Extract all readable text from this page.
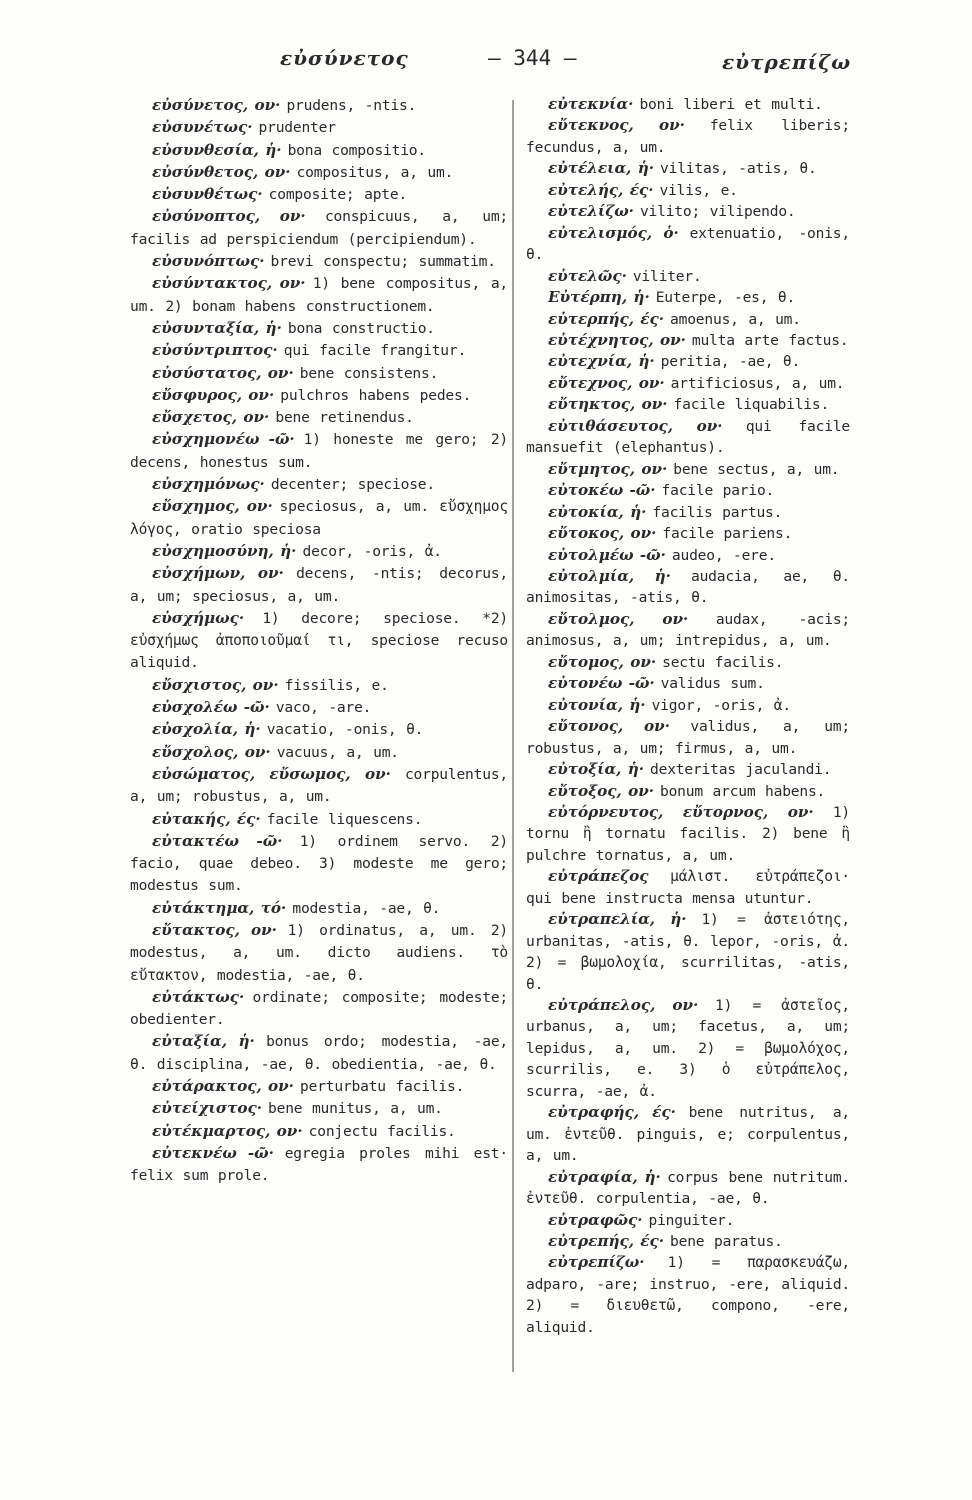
εὐσύνετος	— 344 —	εὐτρεπίζω
εὐσύνετος, ον· prudens, -ntis.
εὐσυνέτως· prudenter
εὐσυνθεσία, ἡ· bona compositio.
εὐσύνθετος, ον· compositus, a, um.
εὐσυνθέτως· composite; apte.
εὐσύνοπτος, ον· conspicuus, a, um; facilis ad perspiciendum (percipiendum).
εὐσυνόπτως· brevi conspectu; summatim.
εὐσύντακτος, ον· 1) bene compositus, a, um. 2) bonam habens constructionem.
εὐσυνταξία, ἡ· bona constructio.
εὐσύντριπτος· qui facile frangitur.
εὐσύστατος, ον· bene consistens.
εὔσφυρος, ον· pulchros habens pedes.
εὔσχετος, ον· bene retinendus.
εὐσχημονέω -ῶ· 1) honeste me gero; 2) decens, honestus sum.
εὐσχημόνως· decenter; speciose.
εὔσχημος, ον· speciosus, a, um. εὔσχημος λόγος, oratio speciosa
εὐσχημοσύνη, ἡ· decor, -oris, ἀ.
εὐσχήμων, ον· decens, -ntis; decorus, a, um; speciosus, a, um.
εὐσχήμως· 1) decore; speciose. *2) εὐσχήμως ἀποποιοῦμαί τι, speciose recuso aliquid.
εὔσχιστος, ον· fissilis, e.
εὐσχολέω -ῶ· vaco, -are.
εὐσχολία, ἡ· vacatio, -onis, θ.
εὔσχολος, ον· vacuus, a, um.
εὐσώματος, εὔσωμος, ον· corpulentus, a, um; robustus, a, um.
εὐτακής, ές· facile liquescens.
εὐτακτέω -ῶ· 1) ordinem servo. 2) facio, quae debeo. 3) modeste me gero; modestus sum.
εὐτάκτημα, τό· modestia, -ae, θ.
εὔτακτος, ον· 1) ordinatus, a, um. 2) modestus, a, um. dicto audiens. τὸ εὔτακτον, modestia, -ae, θ.
εὐτάκτως· ordinate; composite; modeste; obedienter.
εὐταξία, ἡ· bonus ordo; modestia, -ae, θ. disciplina, -ae, θ. obedientia, -ae, θ.
εὐτάρακτος, ον· perturbatu facilis.
εὐτείχιστος· bene munitus, a, um.
εὐτέκμαρτος, ον· conjectu facilis.
εὐτεκνέω -ῶ· egregia proles mihi est· felix sum prole.
εὐτεκνία· boni liberi et multi.
εὔτεκνος, ον· felix liberis; fecundus, a, um.
εὐτέλεια, ἡ· vilitas, -atis, θ.
εὐτελής, ές· vilis, e.
εὐτελίζω· vilito; vilipendo.
εὐτελισμός, ὁ· extenuatio, -onis, θ.
εὐτελῶς· viliter.
Εὐτέρπη, ἡ· Euterpe, -es, θ.
εὐτερπής, ές· amoenus, a, um.
εὐτέχνητος, ον· multa arte factus.
εὐτεχνία, ἡ· peritia, -ae, θ.
εὔτεχνος, ον· artificiosus, a, um.
εὔτηκτος, ον· facile liquabilis.
εὐτιθάσευτος, ον· qui facile mansuefit (elephantus).
εὔτμητος, ον· bene sectus, a, um.
εὐτοκέω -ῶ· facile pario.
εὐτοκία, ἡ· facilis partus.
εὔτοκος, ον· facile pariens.
εὐτολμέω -ῶ· audeo, -ere.
εὐτολμία, ἡ· audacia, ae, θ. animositas, -atis, θ.
εὔτολμος, ον· audax, -acis; animosus, a, um; intrepidus, a, um.
εὔτομος, ον· sectu facilis.
εὐτονέω -ῶ· validus sum.
εὐτονία, ἡ· vigor, -oris, ἀ.
εὔτονος, ον· validus, a, um; robustus, a, um; firmus, a, um.
εὐτοξία, ἡ· dexteritas jaculandi.
εὔτοξος, ον· bonum arcum habens.
εὐτόρνευτος, εὔτορνος, ον· 1) tornu ἢ tornatu facilis. 2) bene ἢ pulchre tornatus, a, um.
εὐτράπεζος μάλιστ. εὐτράπεζοι· qui bene instructa mensa utuntur.
εὐτραπελία, ἡ· 1) = ἀστειότης, urbanitas, -atis, θ. lepor, -oris, ἀ. 2) = βωμολοχία, scurrilitas, -atis, θ.
εὐτράπελος, ον· 1) = ἀστεῖος, urbanus, a, um; facetus, a, um; lepidus, a, um. 2) = βωμολόχος, scurrilis, e. 3) ὁ εὐτράπελος, scurra, -ae, ἀ.
εὐτραφής, ές· bene nutritus, a, um. ἐντεῦθ. pinguis, e; corpulentus, a, um.
εὐτραφία, ἡ· corpus bene nutritum. ἐντεῦθ. corpulentia, -ae, θ.
εὐτραφῶς· pinguiter.
εὐτρεπής, ές· bene paratus.
εὐτρεπίζω· 1) = παρασκευάζω, adparo, -are; instruo, -ere, aliquid. 2) = διευθετῶ, compono, -ere, aliquid.
